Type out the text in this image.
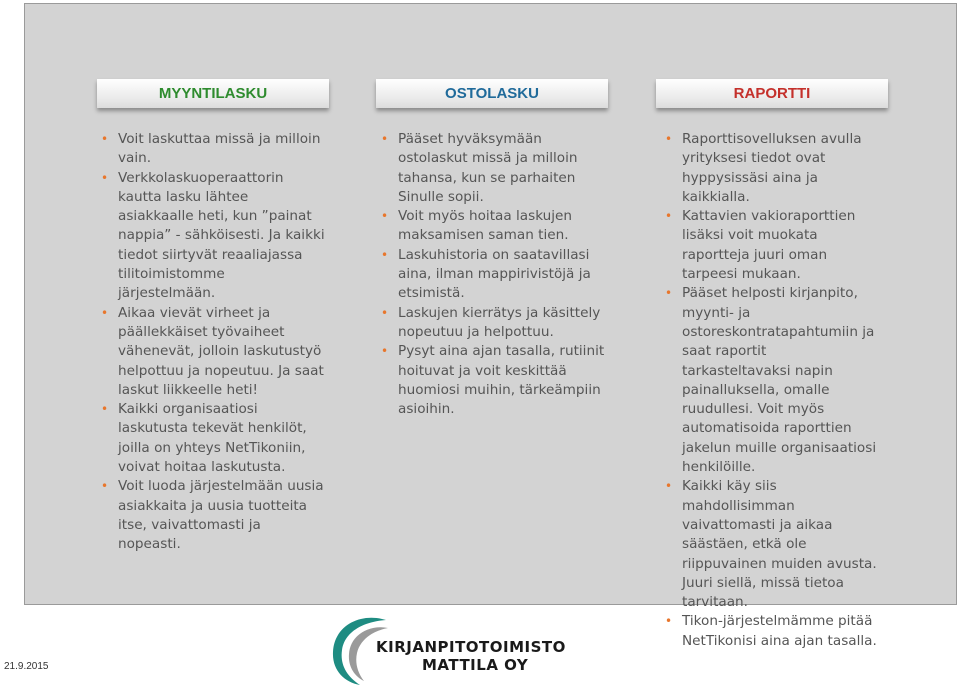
MYYNTILASKU	OSTOLASKU	RAPORTTI
• Voit laskuttaa missä ja milloin vain.
• Verkkolaskuoperaattorin kautta lasku lähtee asiakkaalle heti, kun ”painat nappia” - sähköisesti. Ja kaikki tiedot siirtyvät reaaliajassa tilitoimistomme järjestelmään.
• Aikaa vievät virheet ja päällekkäiset työvaiheet vähenevät, jolloin laskutustyö helpottuu ja nopeutuu. Ja saat laskut liikkeelle heti!
• Kaikki organisaatiosi laskutusta tekevät henkilöt, joilla on yhteys NetTikoniin, voivat hoitaa laskutusta.
• Voit luoda järjestelmään uusia asiakkaita ja uusia tuotteita itse, vaivattomasti ja nopeasti.
• Pääset hyväksymään ostolaskut missä ja milloin tahansa, kun se parhaiten Sinulle sopii.
• Voit myös hoitaa laskujen maksamisen saman tien.
• Laskuhistoria on saatavillasi aina, ilman mappirivistöjä ja etsimistä.
• Laskujen kierrätys ja käsittely nopeutuu ja helpottuu.
• Pysyt aina ajan tasalla, rutiinit hoituvat ja voit keskittää huomiosi muihin, tärkeämpiin asioihin.
• Raporttisovelluksen avulla yrityksesi tiedot ovat hyppysissäsi aina ja kaikkialla.
• Kattavien vakioraporttien lisäksi voit muokata raportteja juuri oman tarpeesi mukaan.
• Pääset helposti kirjanpito, myynti- ja ostoreskontratapahtumiin ja saat raportit tarkasteltavaksi napin painalluksella, omalle ruudullesi. Voit myös automatisoida raporttien jakelun muille organisaatiosi henkilöille.
• Kaikki käy siis mahdollisimman vaivattomasti ja aikaa säästäen, etkä ole riippuvainen muiden avusta. Juuri siellä, missä tietoa tarvitaan.
• Tikon-järjestelmämme pitää NetTikonisi aina ajan tasalla.
21.9.2015
KIRJANPITOTOIMISTO
MATTILA OY
